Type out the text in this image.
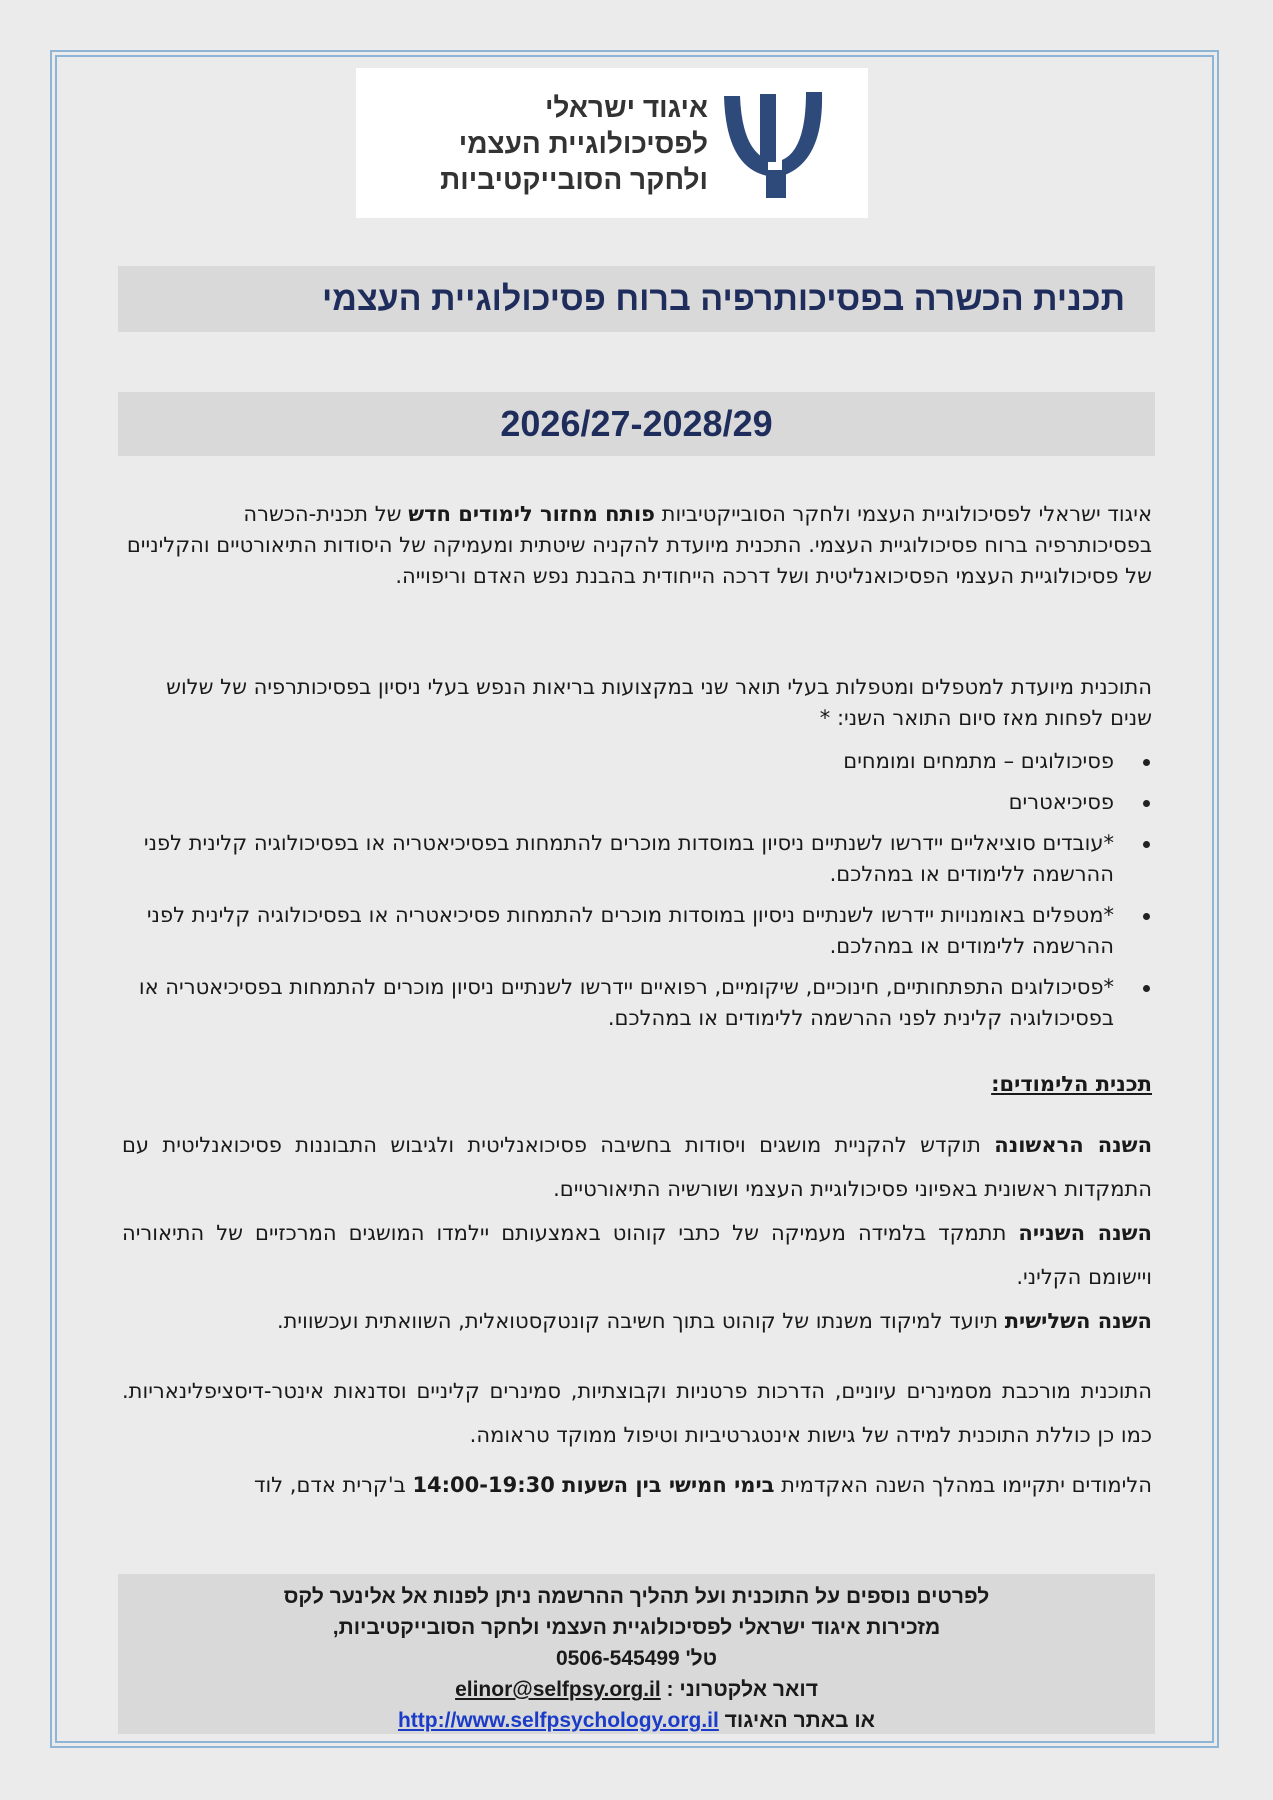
איגוד ישראלי
לפסיכולוגיית העצמי
ולחקר הסובייקטיביות
תכנית הכשרה בפסיכותרפיה ברוח פסיכולוגיית העצמי
2026/27-2028/29

איגוד ישראלי לפסיכולוגיית העצמי ולחקר הסובייקטיביות פותח מחזור לימודים חדש של תכנית-הכשרה בפסיכותרפיה ברוח פסיכולוגיית העצמי. התכנית מיועדת להקניה שיטתית ומעמיקה של היסודות התיאורטיים והקליניים של פסיכולוגיית העצמי הפסיכואנליטית ושל דרכה הייחודית בהבנת נפש האדם וריפוייה.

התוכנית מיועדת למטפלים ומטפלות בעלי תואר שני במקצועות בריאות הנפש בעלי ניסיון בפסיכותרפיה של שלוש שנים לפחות מאז סיום התואר השני: *
פסיכולוגים – מתמחים ומומחים
פסיכיאטרים
*עובדים סוציאליים יידרשו לשנתיים ניסיון במוסדות מוכרים להתמחות בפסיכיאטריה או בפסיכולוגיה קלינית לפני ההרשמה ללימודים או במהלכם.
*מטפלים באומנויות יידרשו לשנתיים ניסיון במוסדות מוכרים להתמחות פסיכיאטריה או בפסיכולוגיה קלינית לפני ההרשמה ללימודים או במהלכם.
*פסיכולוגים התפתחותיים, חינוכיים, שיקומיים, רפואיים יידרשו לשנתיים ניסיון מוכרים להתמחות בפסיכיאטריה או בפסיכולוגיה קלינית לפני ההרשמה ללימודים או במהלכם.
תכנית הלימודים:

השנה הראשונה תוקדש להקניית מושגים ויסודות בחשיבה פסיכואנליטית ולגיבוש התבוננות פסיכואנליטית עם התמקדות ראשונית באפיוני פסיכולוגיית העצמי ושורשיה התיאורטיים.

השנה השנייה תתמקד בלמידה מעמיקה של כתבי קוהוט באמצעותם יילמדו המושגים המרכזיים של התיאוריה ויישומם הקליני.

השנה השלישית תיועד למיקוד משנתו של קוהוט בתוך חשיבה קונטקסטואלית, השוואתית ועכשווית.

התוכנית מורכבת מסמינרים עיוניים, הדרכות פרטניות וקבוצתיות, סמינרים קליניים וסדנאות אינטר-דיסציפלינאריות. כמו כן כוללת התוכנית למידה של גישות אינטגרטיביות וטיפול ממוקד טראומה.

הלימודים יתקיימו במהלך השנה האקדמית בימי חמישי בין השעות 14:00-19:30 ב'קרית אדם, לוד

לפרטים נוספים על התוכנית ועל תהליך ההרשמה ניתן לפנות אל אלינער לקס
מזכירות איגוד ישראלי לפסיכולוגיית העצמי ולחקר הסובייקטיביות,
טל' 0506-545499
דואר אלקטרוני : elinor@selfpsy.org.il
או באתר האיגוד http://www.selfpsychology.org.il
